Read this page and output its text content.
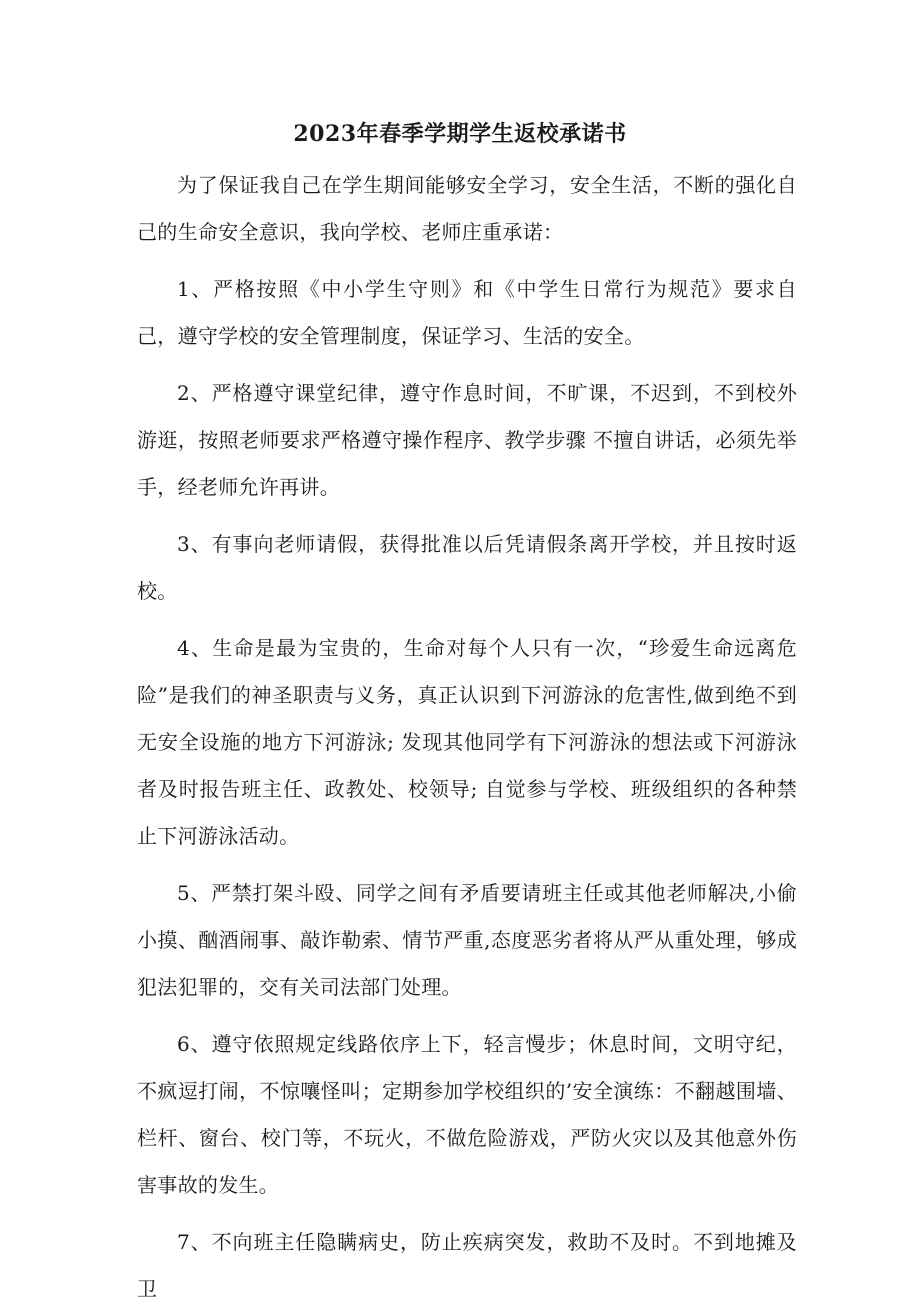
2023年春季学期学生返校承诺书

为了保证我自己在学生期间能够安全学习，安全生活，不断的强化自己的生命安全意识，我向学校、老师庄重承诺：

1、严格按照《中小学生守则》和《中学生日常行为规范》要求自己，遵守学校的安全管理制度，保证学习、生活的安全。

2、严格遵守课堂纪律，遵守作息时间，不旷课，不迟到，不到校外游逛，按照老师要求严格遵守操作程序、教学步骤 不擅自讲话，必须先举手，经老师允许再讲。

3、有事向老师请假，获得批准以后凭请假条离开学校，并且按时返校。

4、生命是最为宝贵的，生命对每个人只有一次，“珍爱生命远离危险”是我们的神圣职责与义务，真正认识到下河游泳的危害性,做到绝不到无安全设施的地方下河游泳; 发现其他同学有下河游泳的想法或下河游泳者及时报告班主任、政教处、校领导; 自觉参与学校、班级组织的各种禁止下河游泳活动。

5、严禁打架斗殴、同学之间有矛盾要请班主任或其他老师解决,小偷小摸、酗酒闹事、敲诈勒索、情节严重,态度恶劣者将从严从重处理，够成犯法犯罪的，交有关司法部门处理。

6、遵守依照规定线路依序上下，轻言慢步；休息时间，文明守纪，不疯逗打闹，不惊嚷怪叫；定期参加学校组织的’安全演练：不翻越围墙、栏杆、窗台、校门等，不玩火，不做危险游戏，严防火灾以及其他意外伤害事故的发生。

7、不向班主任隐瞒病史，防止疾病突发，救助不及时。不到地摊及卫
